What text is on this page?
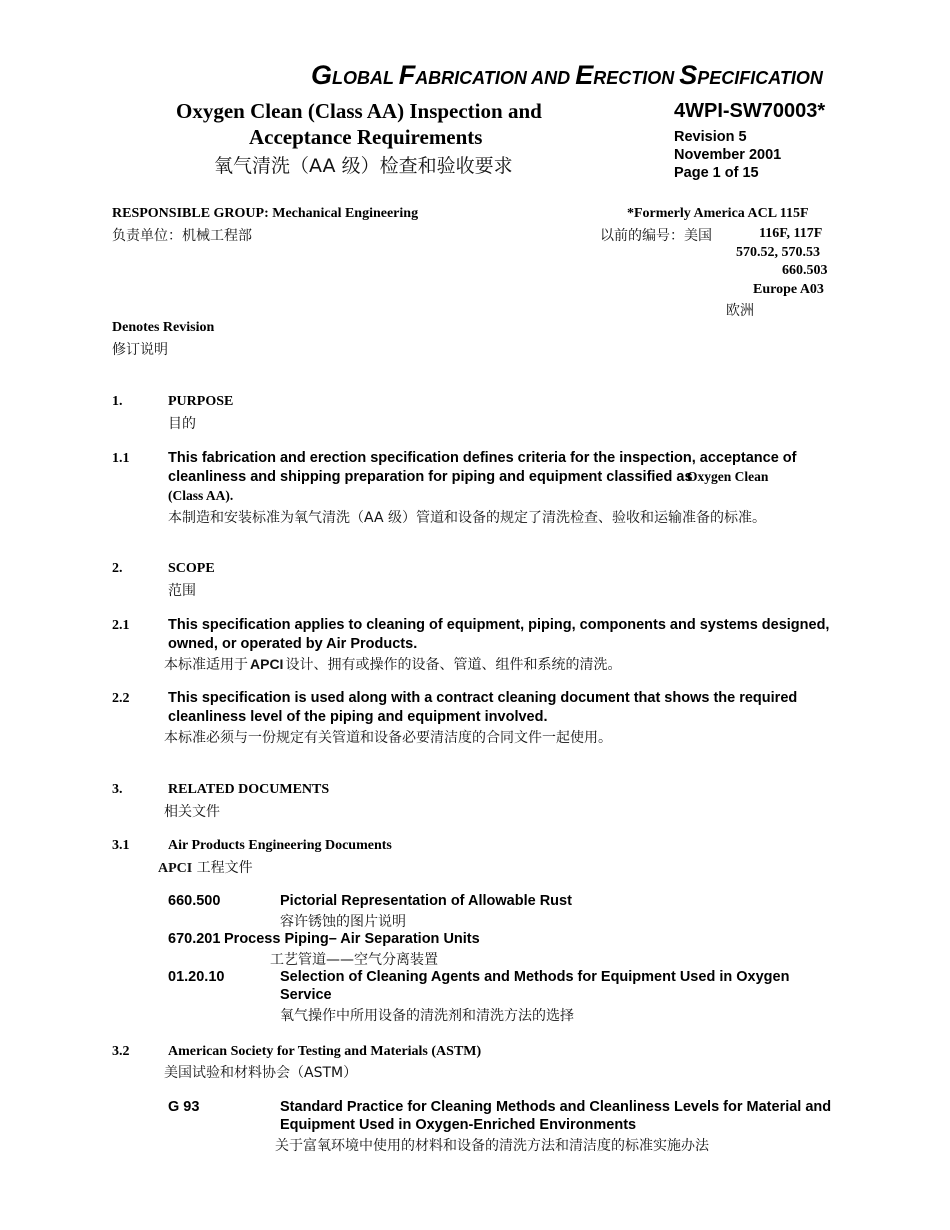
GLOBAL FABRICATION AND ERECTION SPECIFICATION
Oxygen Clean (Class AA) Inspection and
Acceptance Requirements
氧气清洗（AA 级）检查和验收要求
4WPI-SW70003*
Revision 5
November 2001
Page 1 of 15
RESPONSIBLE GROUP: Mechanical Engineering
负责单位：机械工程部
*Formerly America ACL 115F
以前的编号：美国	116F, 117F
570.52, 570.53
660.503
Europe A03
欧洲
Denotes Revision
修订说明
1.	PURPOSE
目的
1.1	This fabrication and erection specification defines criteria for the inspection, acceptance of
cleanliness and shipping preparation for piping and equipment classified as
Oxygen Clean
(Class AA).
本制造和安装标准为氧气清洗（AA 级）管道和设备的规定了清洗检查、验收和运输准备的标准。
2.	SCOPE
范围
2.1	This specification applies to cleaning of equipment, piping, components and systems designed,
owned, or operated by Air Products.
本标准适用于 APCI 设计、拥有或操作的设备、管道、组件和系统的清洗。
2.2	This specification is used along with a contract cleaning document that shows the required
cleanliness level of the piping and equipment involved.
本标准必须与一份规定有关管道和设备必要清洁度的合同文件一起使用。
3.	RELATED DOCUMENTS
相关文件
3.1	Air Products Engineering Documents
APCI 工程文件
660.500	Pictorial Representation of Allowable Rust
容许锈蚀的图片说明
670.201 Process Piping– Air Separation Units
工艺管道——空气分离装置
01.20.10	Selection of Cleaning Agents and Methods for Equipment Used in Oxygen
Service
氧气操作中所用设备的清洗剂和清洗方法的选择
3.2	American Society for Testing and Materials (ASTM)
美国试验和材料协会（ASTM）
G 93	Standard Practice for Cleaning Methods and Cleanliness Levels for Material and
Equipment Used in Oxygen-Enriched Environments
关于富氧环境中使用的材料和设备的清洗方法和清洁度的标准实施办法
